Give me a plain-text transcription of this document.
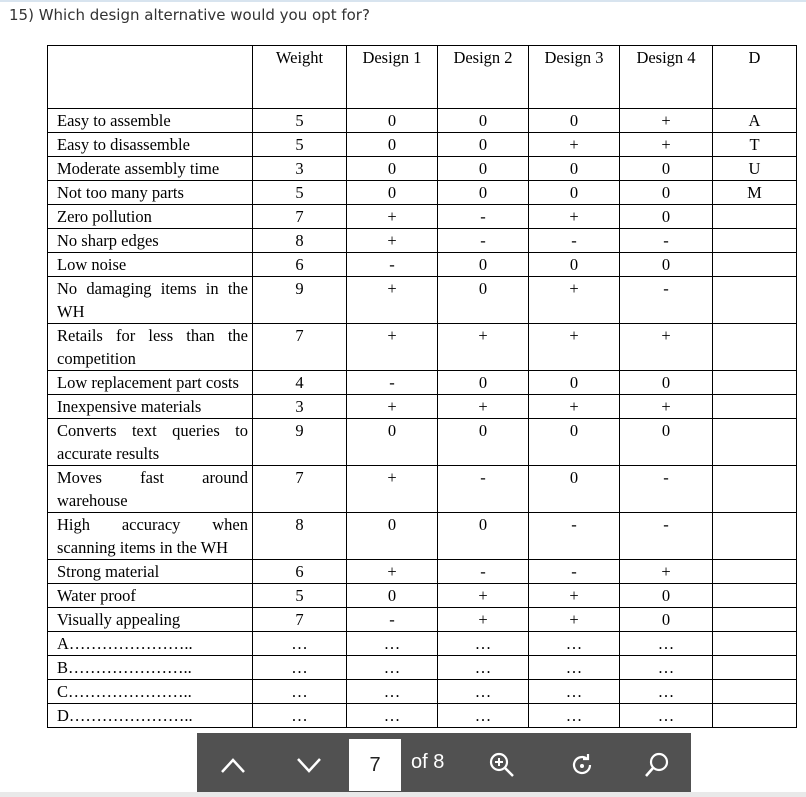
15) Which design alternative would you opt for?
	Weight	Design 1	Design 2	Design 3	Design 4	D
Easy to assemble	5	0	0	0	+	A
Easy to disassemble	5	0	0	+	+	T
Moderate assembly time	3	0	0	0	0	U
Not too many parts	5	0	0	0	0	M
Zero pollution	7	+	-	+	0	
No sharp edges	8	+	-	-	-	
Low noise	6	-	0	0	0	
No damaging items in the WH	9	+	0	+	-	
Retails for less than the competition	7	+	+	+	+	
Low replacement part costs	4	-	0	0	0	
Inexpensive materials	3	+	+	+	+	
Converts text queries to accurate results	9	0	0	0	0	
Moves fast around warehouse	7	+	-	0	-	
High accuracy when scanning items in the WH	8	0	0	-	-	
Strong material	6	+	-	-	+	
Water proof	5	0	+	+	0	
Visually appealing	7	-	+	+	0	
A…………………..	…	…	…	…	…	
B…………………..	…	…	…	…	…	
C…………………..	…	…	…	…	…	
D…………………..	…	…	…	…	…	
7	of 8
